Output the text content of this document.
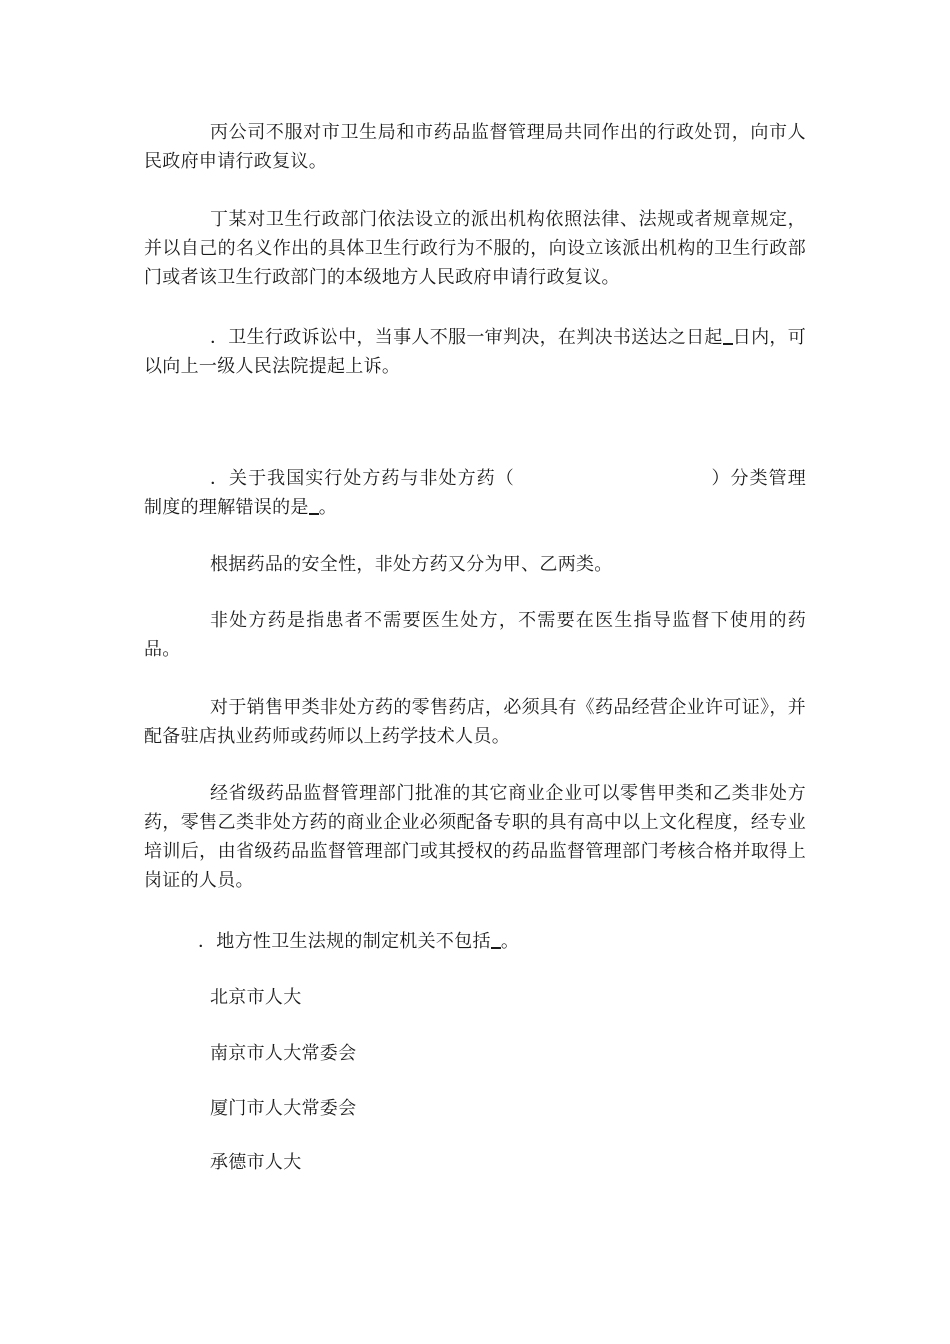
丙公司不服对市卫生局和市药品监督管理局共同作出的行政处罚，向市人民政府申请行政复议。
丁某对卫生行政部门依法设立的派出机构依照法律、法规或者规章规定，并以自己的名义作出的具体卫生行政行为不服的，向设立该派出机构的卫生行政部门或者该卫生行政部门的本级地方人民政府申请行政复议。
．卫生行政诉讼中，当事人不服一审判决，在判决书送达之日起 日内，可以向上一级人民法院提起上诉。
．关于我国实行处方药与非处方药（	）分类管理制度的理解错误的是 。
根据药品的安全性，非处方药又分为甲、乙两类。
非处方药是指患者不需要医生处方，不需要在医生指导监督下使用的药品。
对于销售甲类非处方药的零售药店，必须具有《药品经营企业许可证》，并配备驻店执业药师或药师以上药学技术人员。
经省级药品监督管理部门批准的其它商业企业可以零售甲类和乙类非处方药，零售乙类非处方药的商业企业必须配备专职的具有高中以上文化程度，经专业培训后，由省级药品监督管理部门或其授权的药品监督管理部门考核合格并取得上岗证的人员。
．地方性卫生法规的制定机关不包括 。
北京市人大
南京市人大常委会
厦门市人大常委会
承德市人大
